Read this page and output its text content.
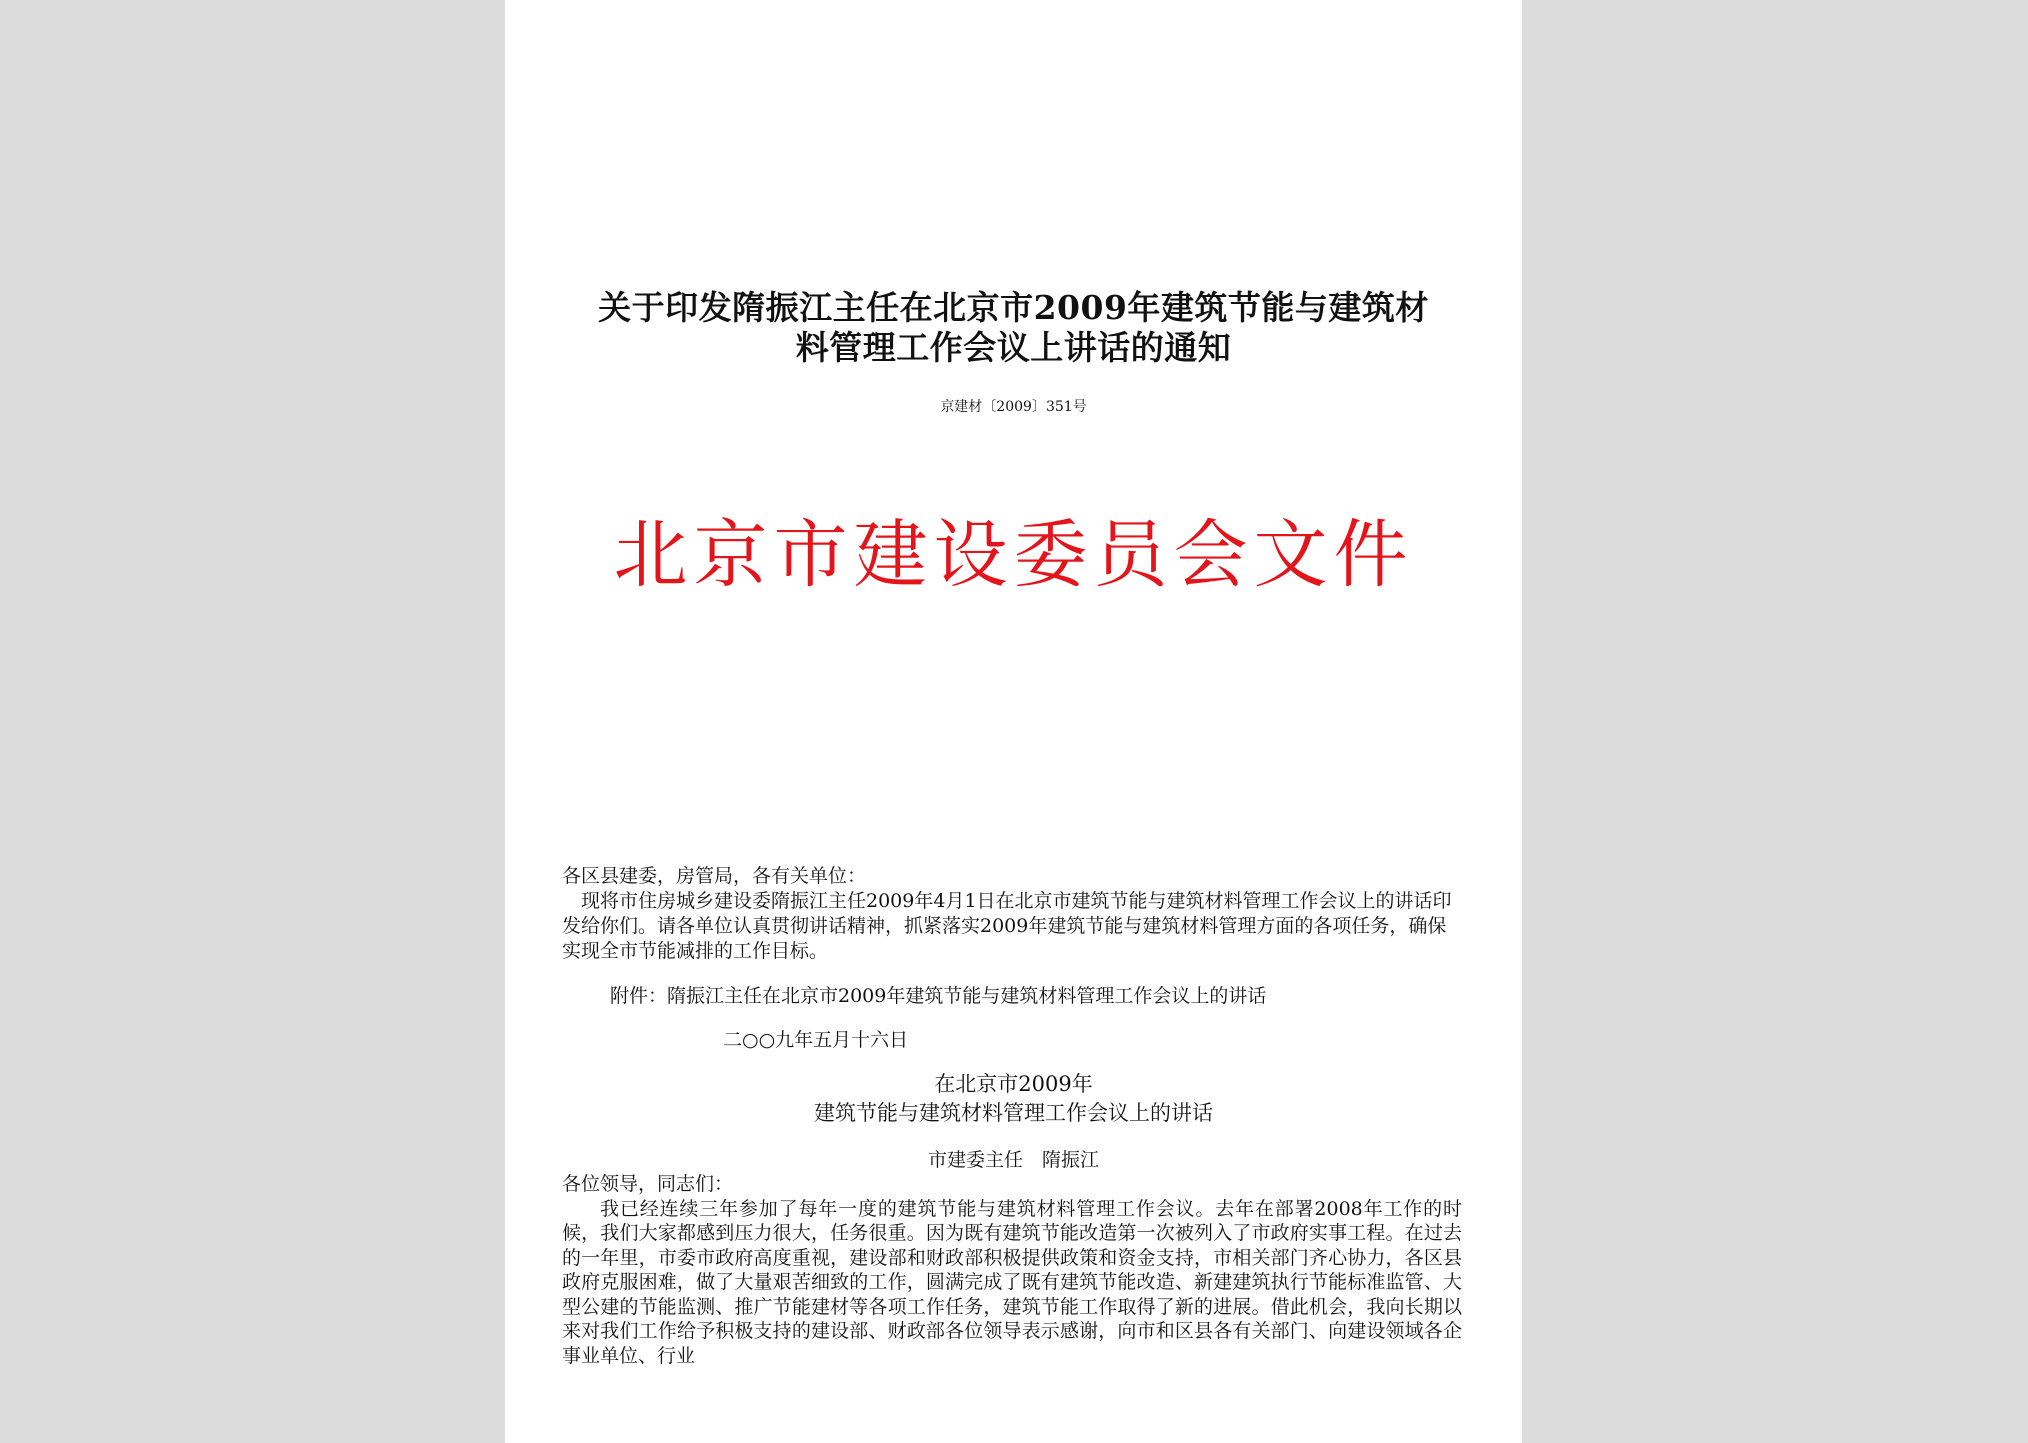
关于印发隋振江主任在北京市2009年建筑节能与建筑材
料管理工作会议上讲话的通知
京建材〔2009〕351号
北京市建设委员会文件

各区县建委，房管局，各有关单位：

现将市住房城乡建设委隋振江主任2009年4月1日在北京市建筑节能与建筑材料管理工作会议上的讲话印发给你们。请各单位认真贯彻讲话精神，抓紧落实2009年建筑节能与建筑材料管理方面的各项任务，确保实现全市节能减排的工作目标。

附件：隋振江主任在北京市2009年建筑节能与建筑材料管理工作会议上的讲话
二○○九年五月十六日
在北京市2009年
建筑节能与建筑材料管理工作会议上的讲话
市建委主任　隋振江

各位领导，同志们：

我已经连续三年参加了每年一度的建筑节能与建筑材料管理工作会议。去年在部署2008年工作的时候，我们大家都感到压力很大，任务很重。因为既有建筑节能改造第一次被列入了市政府实事工程。在过去的一年里，市委市政府高度重视，建设部和财政部积极提供政策和资金支持，市相关部门齐心协力，各区县政府克服困难，做了大量艰苦细致的工作，圆满完成了既有建筑节能改造、新建建筑执行节能标准监管、大型公建的节能监测、推广节能建材等各项工作任务，建筑节能工作取得了新的进展。借此机会，我向长期以来对我们工作给予积极支持的建设部、财政部各位领导表示感谢，向市和区县各有关部门、向建设领域各企事业单位、行业
